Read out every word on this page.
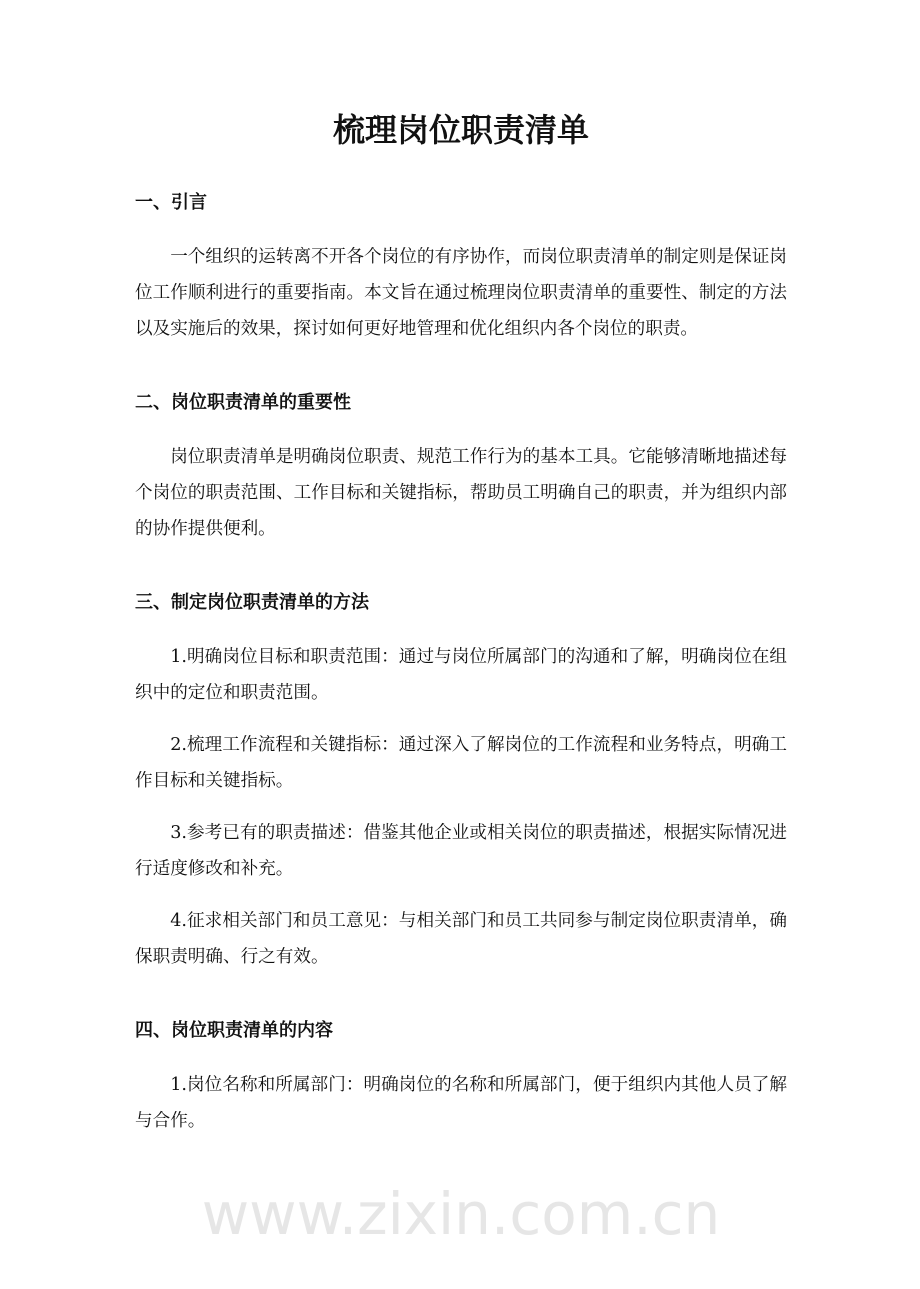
梳理岗位职责清单
一、引言

一个组织的运转离不开各个岗位的有序协作，而岗位职责清单的制定则是保证岗位工作顺利进行的重要指南。本文旨在通过梳理岗位职责清单的重要性、制定的方法以及实施后的效果，探讨如何更好地管理和优化组织内各个岗位的职责。

二、岗位职责清单的重要性

岗位职责清单是明确岗位职责、规范工作行为的基本工具。它能够清晰地描述每个岗位的职责范围、工作目标和关键指标，帮助员工明确自己的职责，并为组织内部的协作提供便利。

三、制定岗位职责清单的方法

1.明确岗位目标和职责范围：通过与岗位所属部门的沟通和了解，明确岗位在组织中的定位和职责范围。

2.梳理工作流程和关键指标：通过深入了解岗位的工作流程和业务特点，明确工作目标和关键指标。

3.参考已有的职责描述：借鉴其他企业或相关岗位的职责描述，根据实际情况进行适度修改和补充。

4.征求相关部门和员工意见：与相关部门和员工共同参与制定岗位职责清单，确保职责明确、行之有效。

四、岗位职责清单的内容

1.岗位名称和所属部门：明确岗位的名称和所属部门，便于组织内其他人员了解与合作。

www.zixin.com.cn
